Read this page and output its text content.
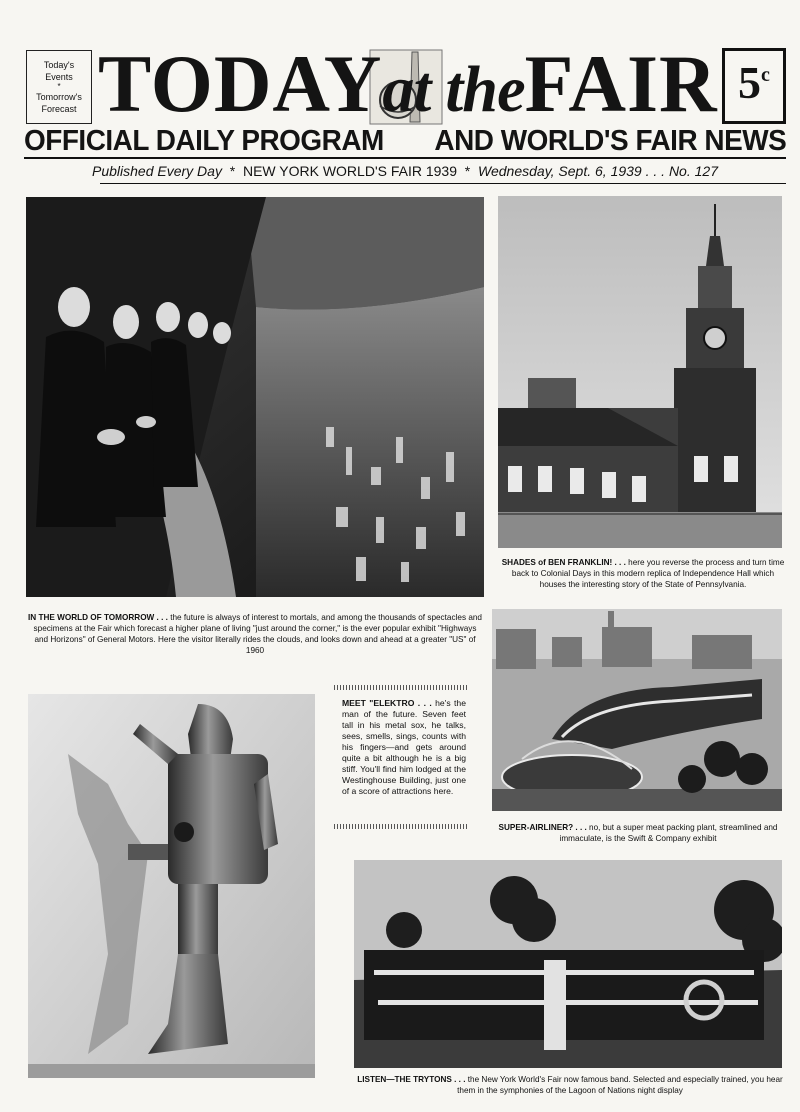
Today's
Events
*
Tomorrow's
Forecast TODAYat theFAIR 5$^c$
OFFICIAL DAILY PROGRAM AND WORLD'S FAIR NEWS
Published Every Day * NEW YORK WORLD'S FAIR 1939 * Wednesday, Sept. 6, 1939 . . . No. 127
IN THE WORLD OF TOMORROW . . . the future is always of interest to mortals, and among the thousands of spectacles and specimens at the Fair which forecast a higher plane of living "just around the corner," is the ever popular exhibit "Highways and Horizons" of General Motors. Here the visitor literally rides the clouds, and looks down and ahead at a greater "US" of 1960
SHADES of BEN FRANKLIN! . . . here you reverse the process and turn time back to Colonial Days in this modern replica of Independence Hall which houses the interesting story of the State of Pennsylvania.
MEET "ELEKTRO . . . he's the man of the future. Seven feet tall in his metal sox, he talks, sees, smells, sings, counts with his fingers—and gets around quite a bit although he is a big stiff. You'll find him lodged at the Westinghouse Building, just one of a score of attractions here.
SUPER-AIRLINER? . . . no, but a super meat packing plant, streamlined and immaculate, is the Swift & Company exhibit
LISTEN—THE TRYTONS . . . the New York World's Fair now famous band. Selected and especially trained, you hear them in the symphonies of the Lagoon of Nations night display
